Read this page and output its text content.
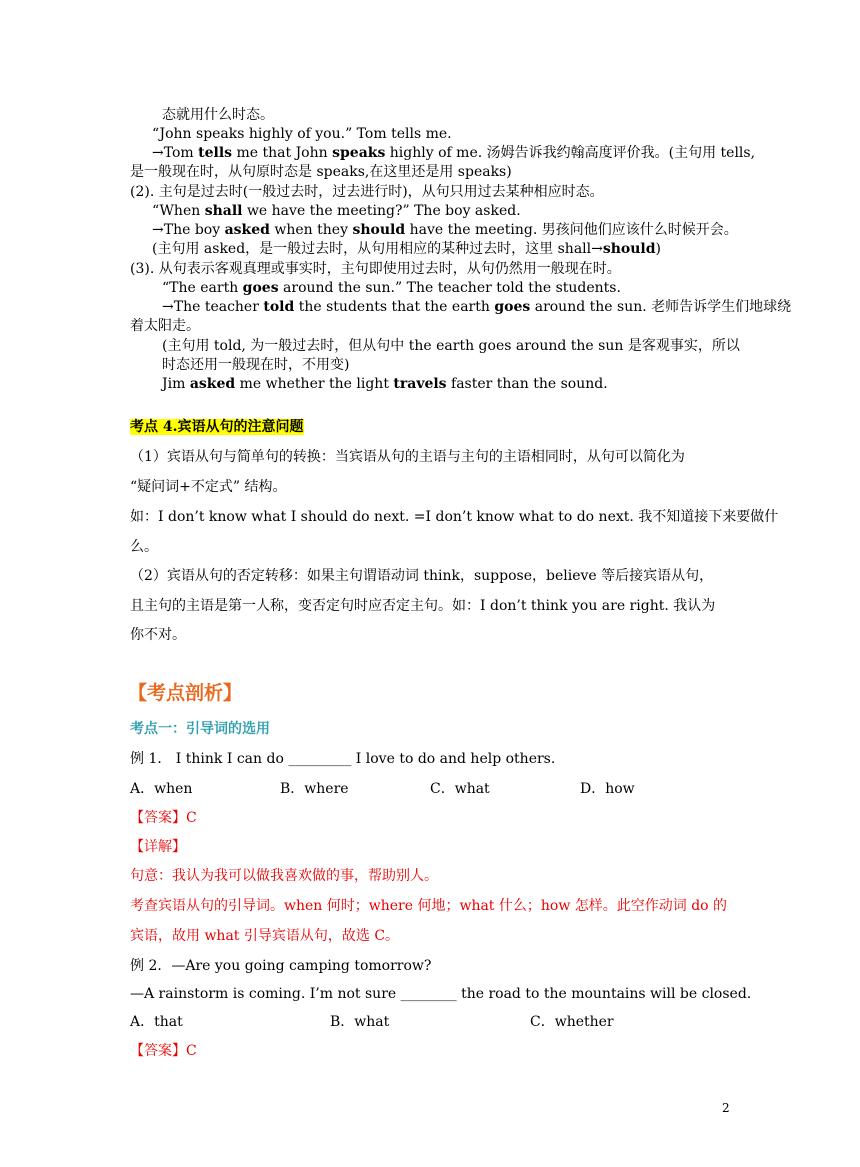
态就用什么时态。
“John speaks highly of you.” Tom tells me.
→Tom tells me that John speaks highly of me. 汤姆告诉我约翰高度评价我。(主句用 tells,
是一般现在时，从句原时态是 speaks,在这里还是用 speaks)
(2). 主句是过去时(一般过去时，过去进行时)，从句只用过去某种相应时态。
“When shall we have the meeting?” The boy asked.
→The boy asked when they should have the meeting. 男孩问他们应该什么时候开会。
(主句用 asked，是一般过去时，从句用相应的某种过去时，这里 shall→should)
(3). 从句表示客观真理或事实时，主句即使用过去时，从句仍然用一般现在时。
“The earth goes around the sun.” The teacher told the students.
→The teacher told the students that the earth goes around the sun. 老师告诉学生们地球绕
着太阳走。
(主句用 told, 为一般过去时，但从句中 the earth goes around the sun 是客观事实，所以
时态还用一般现在时，不用变)
Jim asked me whether the light travels faster than the sound.
考点 4.宾语从句的注意问题
（1）宾语从句与简单句的转换：当宾语从句的主语与主句的主语相同时，从句可以简化为
“疑问词+不定式” 结构。
如：I don’t know what I should do next. =I don’t know what to do next. 我不知道接下来要做什
么。
（2）宾语从句的否定转移：如果主句谓语动词 think，suppose，believe 等后接宾语从句，
且主句的主语是第一人称，变否定句时应否定主句。如：I don’t think you are right. 我认为
你不对。
【考点剖析】
考点一：引导词的选用
例 1． I think I can do _________ I love to do and help others.
A．when	B．where	C．what	D．how
【答案】C
【详解】
句意：我认为我可以做我喜欢做的事，帮助别人。
考查宾语从句的引导词。when 何时；where 何地；what 什么；how 怎样。此空作动词 do 的
宾语，故用 what 引导宾语从句，故选 C。
例 2．—Are you going camping tomorrow?
—A rainstorm is coming. I’m not sure ________ the road to the mountains will be closed.
A．that	B．what	C．whether
【答案】C
2
